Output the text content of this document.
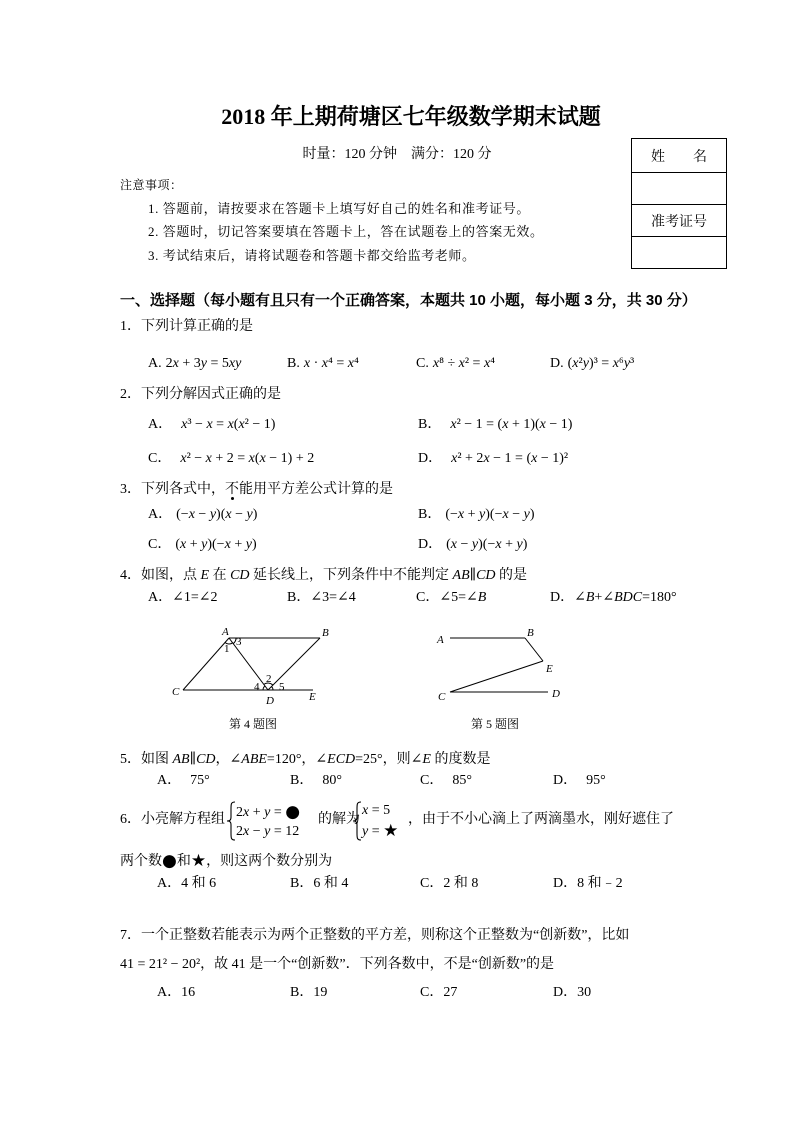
2018 年上期荷塘区七年级数学期末试题
时量：120 分钟    满分：120 分	姓　　名

准考证号

注意事项：
1. 答题前，请按要求在答题卡上填写好自己的姓名和准考证号。
2. 答题时，切记答案要填在答题卡上，答在试题卷上的答案无效。
3. 考试结束后，请将试题卷和答题卡都交给监考老师。
一、选择题（每小题有且只有一个正确答案，本题共 10 小题，每小题 3 分，共 30 分）
1．下列计算正确的是
A. 2x + 3y = 5xy	B. x · x⁴ = x⁴	C. x⁸ ÷ x² = x⁴	D. (x²y)³ = x⁶y³
2．下列分解因式正确的是
A． x³ − x = x(x² − 1)	B． x² − 1 = (x + 1)(x − 1)
C． x² − x + 2 = x(x − 1) + 2	D． x² + 2x − 1 = (x − 1)²
3．下列各式中，不能用平方差公式计算的是
A． (−x − y)(x − y)	B． (−x + y)(−x − y)
C． (x + y)(−x + y)	D． (x − y)(−x + y)
4．如图，点 E 在 CD 延长线上，下列条件中不能判定 AB∥CD 的是
A．∠1=∠2	B．∠3=∠4	C．∠5=∠B	D．∠B+∠BDC=180°
A	B
C
D	E
1
2
3
4 5
第 4 题图
A
B
E
C	D
第 5 题图
5．如图 AB∥CD，∠ABE=120°，∠ECD=25°，则∠E 的度数是
A． 75°	B． 80°	C． 85°	D． 95°
6．小亮解方程组 2x + y = ●
2x − y = 12
的解为
x = 5
y = ★
，由于不小心滴上了两滴墨水，刚好遮住了
两个数●和★，则这两个数分别为
A．4 和 6	B．6 和 4	C．2 和 8	D．8 和﹣2
7．一个正整数若能表示为两个正整数的平方差，则称这个正整数为“创新数”，比如
41 = 21² − 20²，故 41 是一个“创新数”．下列各数中，不是“创新数”的是
A．16	B．19	C．27	D．30
